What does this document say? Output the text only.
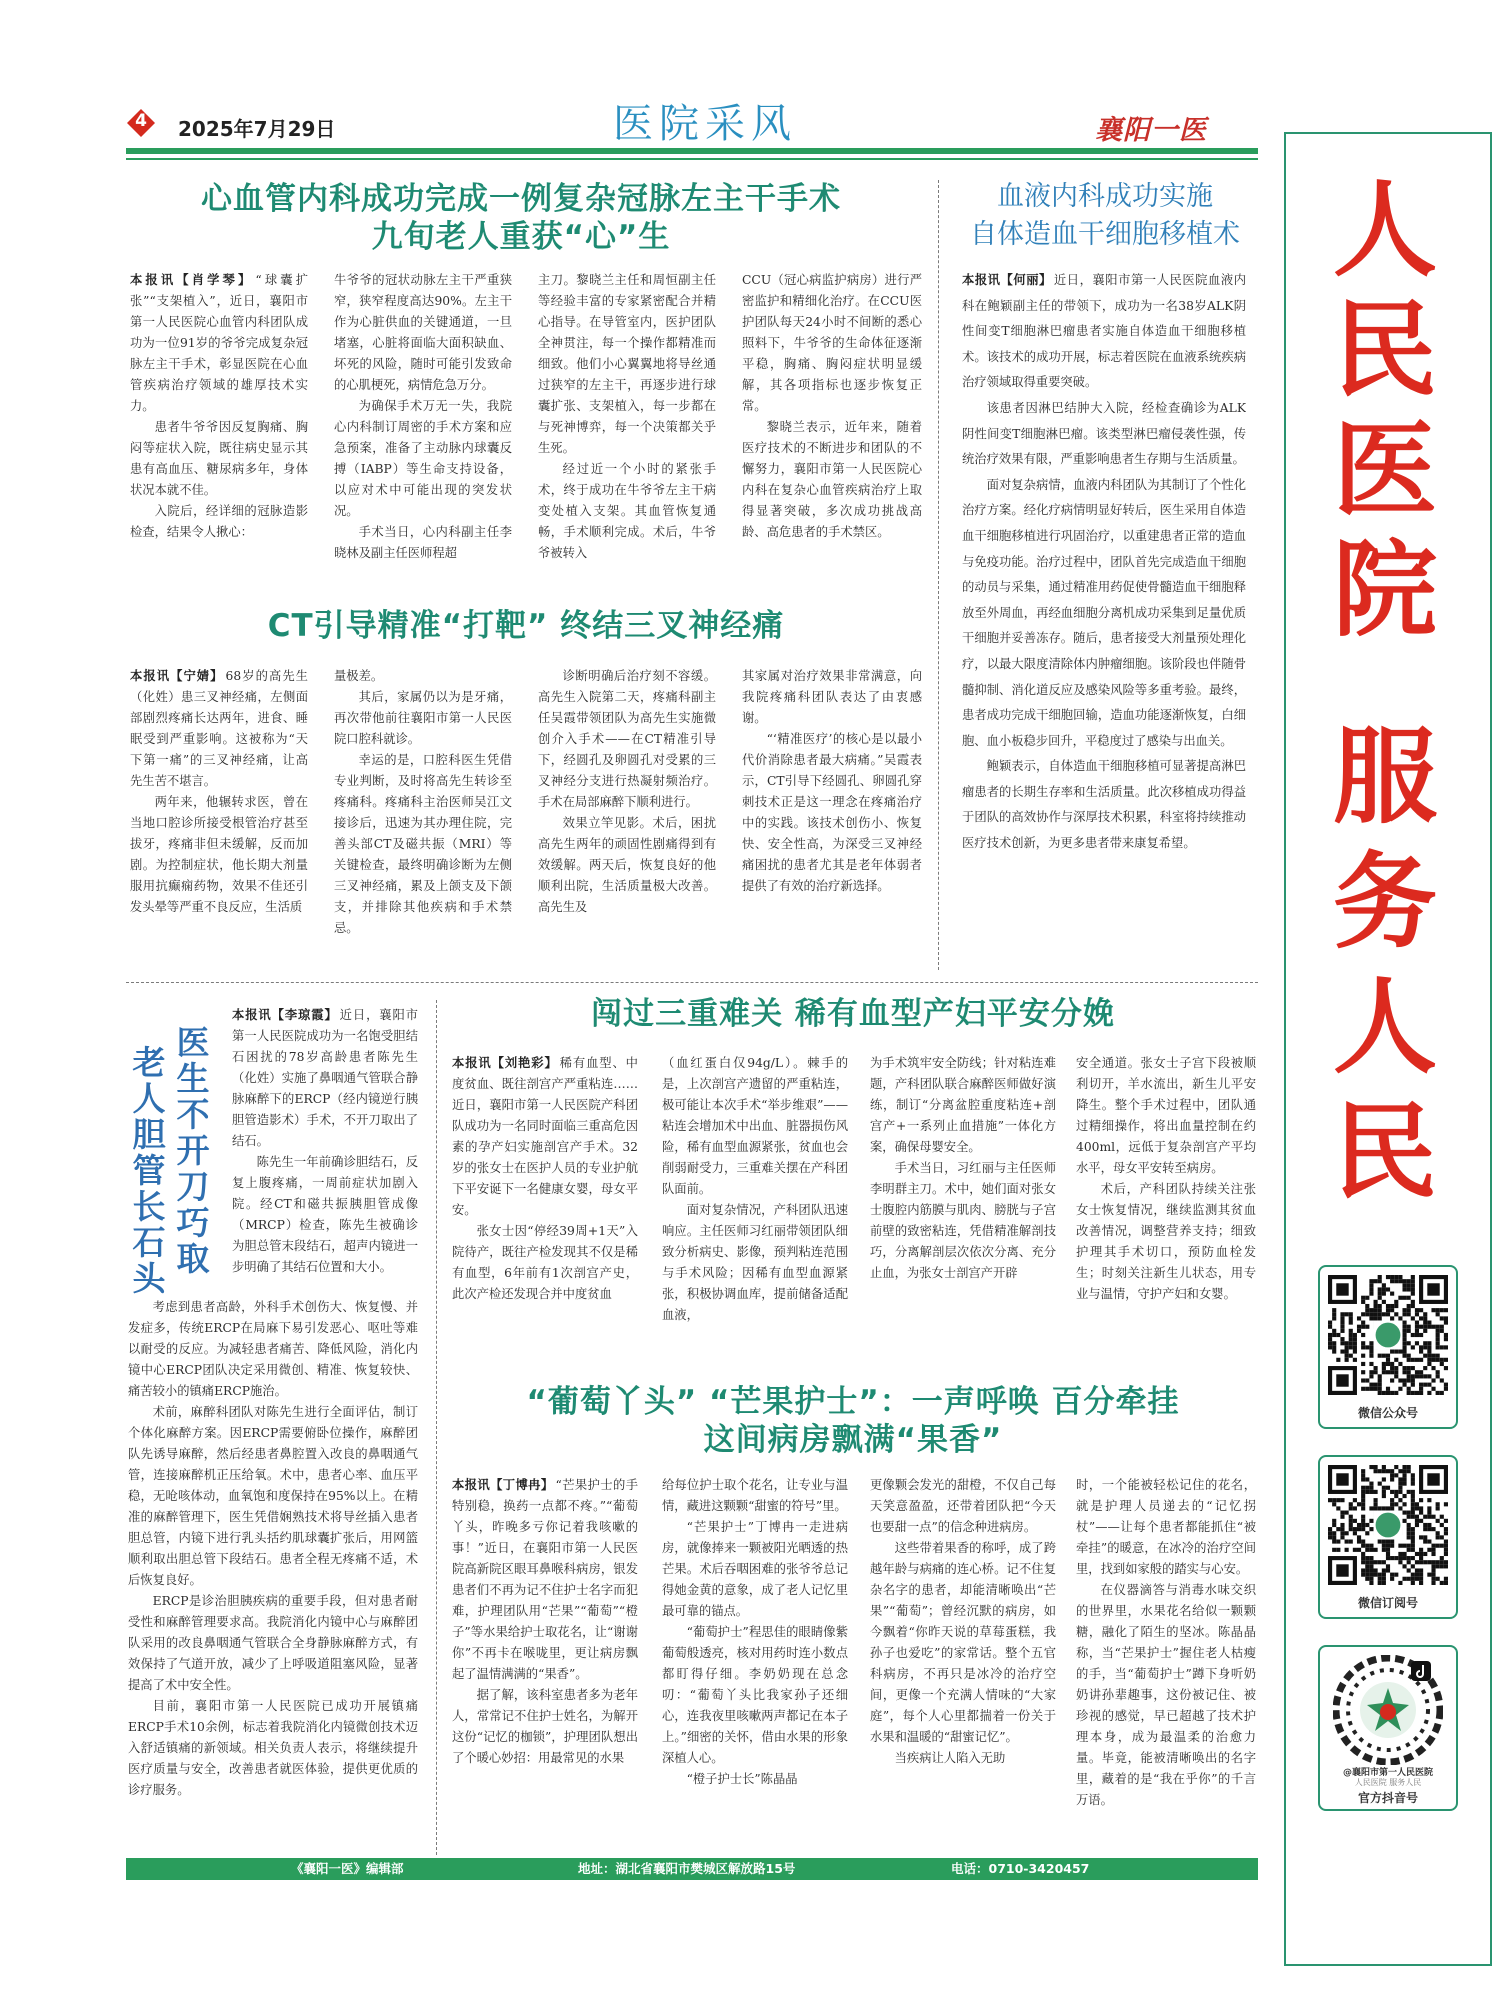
4	2025年7月29日	医院采风	襄阳一医
人
民
医
院
服
务
人
民
微信公众号
微信订阅号
@襄阳市第一人民医院
人民医院 服务人民
官方抖音号
心血管内科成功完成一例复杂冠脉左主干手术
九旬老人重获“心”生

本报讯【肖学琴】 “球囊扩张”“支架植入”，近日，襄阳市第一人民医院心血管内科团队成功为一位91岁的爷爷完成复杂冠脉左主干手术，彰显医院在心血管疾病治疗领域的雄厚技术实力。

患者牛爷爷因反复胸痛、胸闷等症状入院，既往病史显示其患有高血压、糖尿病多年，身体状况本就不佳。

入院后，经详细的冠脉造影检查，结果令人揪心：

牛爷爷的冠状动脉左主干严重狭窄，狭窄程度高达90%。左主干作为心脏供血的关键通道，一旦堵塞，心脏将面临大面积缺血、坏死的风险，随时可能引发致命的心肌梗死，病情危急万分。

为确保手术万无一失，我院心内科制订周密的手术方案和应急预案，准备了主动脉内球囊反搏（IABP）等生命支持设备，以应对术中可能出现的突发状况。

手术当日，心内科副主任李晓林及副主任医师程超

主刀。黎晓兰主任和周恒副主任等经验丰富的专家紧密配合并精心指导。在导管室内，医护团队全神贯注，每一个操作都精准而细致。他们小心翼翼地将导丝通过狭窄的左主干，再逐步进行球囊扩张、支架植入，每一步都在与死神博弈，每一个决策都关乎生死。

经过近一个小时的紧张手术，终于成功在牛爷爷左主干病变处植入支架。其血管恢复通畅，手术顺利完成。术后，牛爷爷被转入

CCU（冠心病监护病房）进行严密监护和精细化治疗。在CCU医护团队每天24小时不间断的悉心照料下，牛爷爷的生命体征逐渐平稳，胸痛、胸闷症状明显缓解，其各项指标也逐步恢复正常。

黎晓兰表示，近年来，随着医疗技术的不断进步和团队的不懈努力，襄阳市第一人民医院心内科在复杂心血管疾病治疗上取得显著突破，多次成功挑战高龄、高危患者的手术禁区。

CT引导精准“打靶” 终结三叉神经痛

本报讯【宁婧】 68岁的高先生（化姓）患三叉神经痛，左侧面部剧烈疼痛长达两年，进食、睡眠受到严重影响。这被称为“天下第一痛”的三叉神经痛，让高先生苦不堪言。

两年来，他辗转求医，曾在当地口腔诊所接受根管治疗甚至拔牙，疼痛非但未缓解，反而加剧。为控制症状，他长期大剂量服用抗癫痫药物，效果不佳还引发头晕等严重不良反应，生活质

量极差。

其后，家属仍以为是牙痛，再次带他前往襄阳市第一人民医院口腔科就诊。

幸运的是，口腔科医生凭借专业判断，及时将高先生转诊至疼痛科。疼痛科主治医师吴江文接诊后，迅速为其办理住院，完善头部CT及磁共振（MRI）等关键检查，最终明确诊断为左侧三叉神经痛，累及上颌支及下颌支，并排除其他疾病和手术禁忌。

诊断明确后治疗刻不容缓。高先生入院第二天，疼痛科副主任吴霞带领团队为高先生实施微创介入手术——在CT精准引导下，经圆孔及卵圆孔对受累的三叉神经分支进行热凝射频治疗。手术在局部麻醉下顺利进行。

效果立竿见影。术后，困扰高先生两年的顽固性剧痛得到有效缓解。两天后，恢复良好的他顺利出院，生活质量极大改善。高先生及

其家属对治疗效果非常满意，向我院疼痛科团队表达了由衷感谢。

“‘精准医疗’的核心是以最小代价消除患者最大病痛。”吴霞表示，CT引导下经圆孔、卵圆孔穿刺技术正是这一理念在疼痛治疗中的实践。该技术创伤小、恢复快、安全性高，为深受三叉神经痛困扰的患者尤其是老年体弱者提供了有效的治疗新选择。

血液内科成功实施
自体造血干细胞移植术

本报讯【何丽】 近日，襄阳市第一人民医院血液内科在鲍颖副主任的带领下，成功为一名38岁ALK阴性间变T细胞淋巴瘤患者实施自体造血干细胞移植术。该技术的成功开展，标志着医院在血液系统疾病治疗领域取得重要突破。

该患者因淋巴结肿大入院，经检查确诊为ALK阴性间变T细胞淋巴瘤。该类型淋巴瘤侵袭性强，传统治疗效果有限，严重影响患者生存期与生活质量。

面对复杂病情，血液内科团队为其制订了个性化治疗方案。经化疗病情明显好转后，医生采用自体造血干细胞移植进行巩固治疗，以重建患者正常的造血与免疫功能。治疗过程中，团队首先完成造血干细胞的动员与采集，通过精准用药促使骨髓造血干细胞释放至外周血，再经血细胞分离机成功采集到足量优质干细胞并妥善冻存。随后，患者接受大剂量预处理化疗，以最大限度清除体内肿瘤细胞。该阶段也伴随骨髓抑制、消化道反应及感染风险等多重考验。最终，患者成功完成干细胞回输，造血功能逐渐恢复，白细胞、血小板稳步回升，平稳度过了感染与出血关。

鲍颖表示，自体造血干细胞移植可显著提高淋巴瘤患者的长期生存率和生活质量。此次移植成功得益于团队的高效协作与深厚技术积累，科室将持续推动医疗技术创新，为更多患者带来康复希望。

医
生
不
开
刀
巧
取
老
人
胆
管
长
石
头

本报讯【李琼霞】 近日，襄阳市第一人民医院成功为一名饱受胆结石困扰的78岁高龄患者陈先生（化姓）实施了鼻咽通气管联合静脉麻醉下的ERCP（经内镜逆行胰胆管造影术）手术，不开刀取出了结石。

陈先生一年前确诊胆结石，反复上腹疼痛，一周前症状加剧入院。经CT和磁共振胰胆管成像（MRCP）检查，陈先生被确诊为胆总管末段结石，超声内镜进一步明确了其结石位置和大小。

考虑到患者高龄，外科手术创伤大、恢复慢、并发症多，传统ERCP在局麻下易引发恶心、呕吐等难以耐受的反应。为减轻患者痛苦、降低风险，消化内镜中心ERCP团队决定采用微创、精准、恢复较快、痛苦较小的镇痛ERCP施治。

术前，麻醉科团队对陈先生进行全面评估，制订个体化麻醉方案。因ERCP需要俯卧位操作，麻醉团队先诱导麻醉，然后经患者鼻腔置入改良的鼻咽通气管，连接麻醉机正压给氧。术中，患者心率、血压平稳，无呛咳体动，血氧饱和度保持在95%以上。在精准的麻醉管理下，医生凭借娴熟技术将导丝插入患者胆总管，内镜下进行乳头括约肌球囊扩张后，用网篮顺利取出胆总管下段结石。患者全程无疼痛不适，术后恢复良好。

ERCP是诊治胆胰疾病的重要手段，但对患者耐受性和麻醉管理要求高。我院消化内镜中心与麻醉团队采用的改良鼻咽通气管联合全身静脉麻醉方式，有效保持了气道开放，减少了上呼吸道阻塞风险，显著提高了术中安全性。

目前，襄阳市第一人民医院已成功开展镇痛ERCP手术10余例，标志着我院消化内镜微创技术迈入舒适镇痛的新领域。相关负责人表示，将继续提升医疗质量与安全，改善患者就医体验，提供更优质的诊疗服务。

闯过三重难关 稀有血型产妇平安分娩

本报讯【刘艳彩】 稀有血型、中度贫血、既往剖宫产严重粘连……近日，襄阳市第一人民医院产科团队成功为一名同时面临三重高危因素的孕产妇实施剖宫产手术。32岁的张女士在医护人员的专业护航下平安诞下一名健康女婴，母女平安。

张女士因“停经39周+1天”入院待产，既往产检发现其不仅是稀有血型，6年前有1次剖宫产史，此次产检还发现合并中度贫血

（血红蛋白仅94g/L）。棘手的是，上次剖宫产遗留的严重粘连，极可能让本次手术“举步维艰”——粘连会增加术中出血、脏器损伤风险，稀有血型血源紧张，贫血也会削弱耐受力，三重难关摆在产科团队面前。

面对复杂情况，产科团队迅速响应。主任医师习红丽带领团队细致分析病史、影像，预判粘连范围与手术风险；因稀有血型血源紧张，积极协调血库，提前储备适配血液，

为手术筑牢安全防线；针对粘连难题，产科团队联合麻醉医师做好演练，制订“分离盆腔重度粘连+剖宫产+一系列止血措施”一体化方案，确保母婴安全。

手术当日，习红丽与主任医师李明群主刀。术中，她们面对张女士腹腔内筋膜与肌肉、膀胱与子宫前壁的致密粘连，凭借精准解剖技巧，分离解剖层次依次分离、充分止血，为张女士剖宫产开辟

安全通道。张女士子宫下段被顺利切开，羊水流出，新生儿平安降生。整个手术过程中，团队通过精细操作，将出血量控制在约400ml，远低于复杂剖宫产平均水平，母女平安转至病房。

术后，产科团队持续关注张女士恢复情况，继续监测其贫血改善情况，调整营养支持；细致护理其手术切口，预防血栓发生；时刻关注新生儿状态，用专业与温情，守护产妇和女婴。

“葡萄丫头” “芒果护士”：一声呼唤 百分牵挂
这间病房飘满“果香”

本报讯【丁博冉】 “芒果护士的手特别稳，换药一点都不疼。”“葡萄丫头，昨晚多亏你记着我咳嗽的事！”近日，在襄阳市第一人民医院高新院区眼耳鼻喉科病房，银发患者们不再为记不住护士名字而犯难，护理团队用“芒果”“葡萄”“橙子”等水果给护士取花名，让“谢谢你”不再卡在喉咙里，更让病房飘起了温情满满的“果香”。

据了解，该科室患者多为老年人，常常记不住护士姓名，为解开这份“记忆的枷锁”，护理团队想出了个暖心妙招：用最常见的水果

给每位护士取个花名，让专业与温情，藏进这颗颗“甜蜜的符号”里。

“芒果护士”丁博冉一走进病房，就像捧来一颗被阳光晒透的热芒果。术后吞咽困难的张爷爷总记得她金黄的意象，成了老人记忆里最可靠的锚点。

“葡萄护士”程思佳的眼睛像紫葡萄般透亮，核对用药时连小数点都盯得仔细。李奶奶现在总念叨：“葡萄丫头比我家孙子还细心，连我夜里咳嗽两声都记在本子上。”细密的关怀，借由水果的形象深植人心。

“橙子护士长”陈晶晶

更像颗会发光的甜橙，不仅自己每天笑意盈盈，还带着团队把“今天也要甜一点”的信念种进病房。

这些带着果香的称呼，成了跨越年龄与病痛的连心桥。记不住复杂名字的患者，却能清晰唤出“芒果”“葡萄”；曾经沉默的病房，如今飘着“你昨天说的草莓蛋糕，我孙子也爱吃”的家常话。整个五官科病房，不再只是冰冷的治疗空间，更像一个充满人情味的“大家庭”，每个人心里都揣着一份关于水果和温暖的“甜蜜记忆”。

当疾病让人陷入无助

时，一个能被轻松记住的花名，就是护理人员递去的“记忆拐杖”——让每个患者都能抓住“被牵挂”的暖意，在冰冷的治疗空间里，找到如家般的踏实与心安。

在仪器滴答与消毒水味交织的世界里，水果花名给似一颗颗糖，融化了陌生的坚冰。陈晶晶称，当“芒果护士”握住老人枯瘦的手，当“葡萄护士”蹲下身听奶奶讲孙辈趣事，这份被记住、被珍视的感觉，早已超越了技术护理本身，成为最温柔的治愈力量。毕竟，能被清晰唤出的名字里，藏着的是“我在乎你”的千言万语。

《襄阳一医》编辑部	地址：湖北省襄阳市樊城区解放路15号	电话：0710-3420457
